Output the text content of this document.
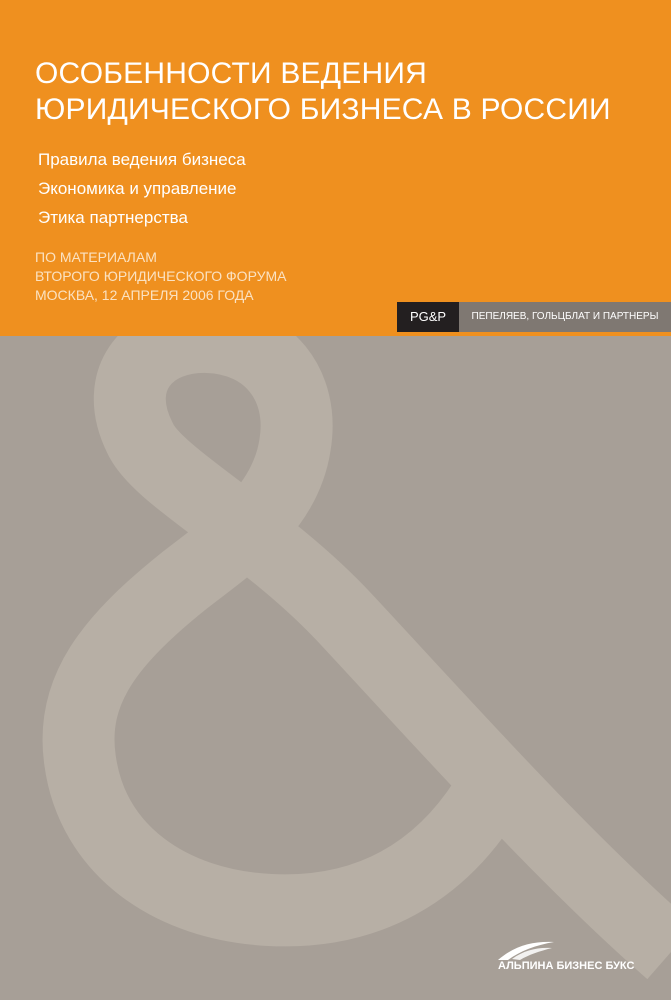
ОСОБЕННОСТИ ВЕДЕНИЯ
ЮРИДИЧЕСКОГО БИЗНЕСА В РОССИИ
Правила ведения бизнеса
Экономика и управление
Этика партнерства
ПО МАТЕРИАЛАМ
ВТОРОГО ЮРИДИЧЕСКОГО ФОРУМА
МОСКВА, 12 АПРЕЛЯ 2006 ГОДА
PG&P	ПЕПЕЛЯЕВ, ГОЛЬЦБЛАТ И ПАРТНЕРЫ
АЛЬПИНА БИЗНЕС БУКС
